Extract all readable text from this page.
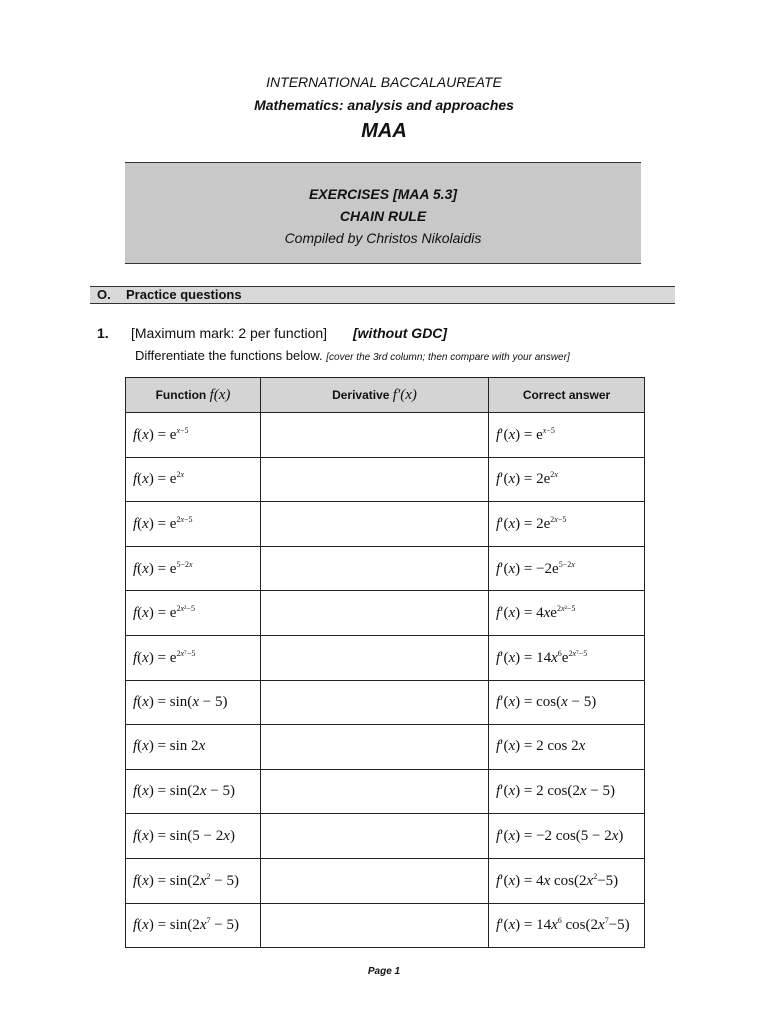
INTERNATIONAL BACCALAUREATE
Mathematics: analysis and approaches
MAA
EXERCISES [MAA 5.3]
CHAIN RULE
Compiled by Christos Nikolaidis
O. Practice questions
1. [Maximum mark: 2 per function] [without GDC]
Differentiate the functions below. [cover the 3rd column; then compare with your answer]
Function f(x)	Derivative f′(x)	Correct answer
$f(x) = e^{x-5}$		$f'(x) = e^{x-5}$
$f(x) = e^{2x}$		$f'(x) = 2e^{2x}$
$f(x) = e^{2x-5}$		$f'(x) = 2e^{2x-5}$
$f(x) = e^{5-2x}$		$f'(x) = -2e^{5-2x}$
$f(x) = e^{2x^2-5}$		$f'(x) = 4xe^{2x^2-5}$
$f(x) = e^{2x^7-5}$		$f'(x) = 14x^6e^{2x^7-5}$
f(x) = sin(x − 5)		f′(x) = cos(x − 5)
f(x) = sin 2x		f′(x) = 2 cos 2x
f(x) = sin(2x − 5)		f′(x) = 2 cos(2x − 5)
f(x) = sin(5 − 2x)		f′(x) = −2 cos(5 − 2x)
$f(x) = \sin(2x^2 - 5)$		f′(x) = 4x $\cos(2x^2-5)$
$f(x) = \sin(2x^7 - 5)$		$f'(x) = 14x^6$ $\cos(2x^7-5)$
Page 1
